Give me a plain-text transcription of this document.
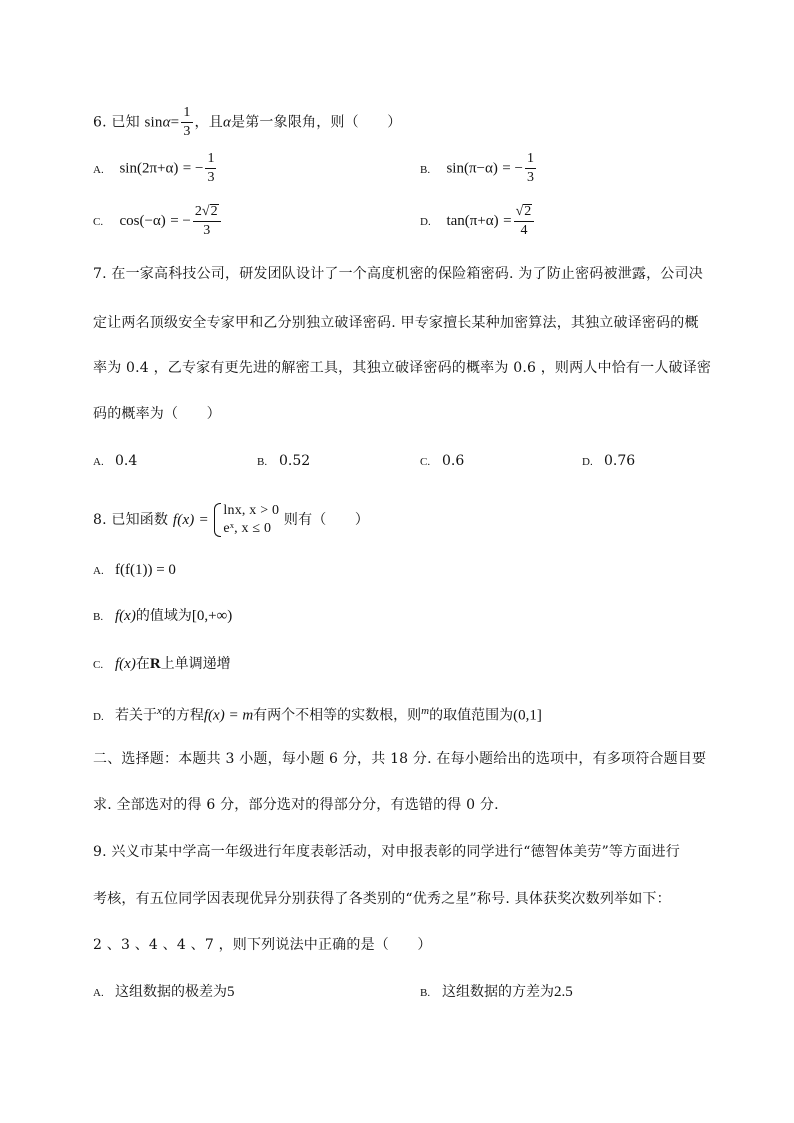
6. 已知 $\sin\alpha= \frac{1}{3}$ ，且α是第一象限角，则（　　）
A. sin(2π+α) = − $\frac{1}{3}$	B. sin(π−α) = − $\frac{1}{3}$
C. cos(−α) = − $\frac{2√2}{3}$	D. $\tan(\pi+\alpha) = \frac{√2}{4}$
7. 在一家高科技公司，研发团队设计了一个高度机密的保险箱密码. 为了防止密码被泄露，公司决
定让两名顶级安全专家甲和乙分别独立破译密码. 甲专家擅长某种加密算法，其独立破译密码的概
率为 0.4 ，乙专家有更先进的解密工具，其独立破译密码的概率为 0.6 ，则两人中恰有一人破译密
码的概率为（　　）
A. 0.4	B. 0.52	C. 0.6	D. 0.76
8. 已知函数 f(x) =
lnx, x > 0
eˣ, x ≤ 0
则有（　　）
A. f(f(1)) = 0
B. f(x)的值域为[0,+∞)
C. f(x)在R上单调递增
D. 若关于$^x$的方程f(x) = m有两个不相等的实数根，则$^m$的取值范围为(0,1]
二、选择题：本题共 3 小题，每小题 6 分，共 18 分. 在每小题给出的选项中，有多项符合题目要
求. 全部选对的得 6 分，部分选对的得部分分，有选错的得 0 分.
9. 兴义市某中学高一年级进行年度表彰活动，对申报表彰的同学进行“德智体美劳”等方面进行
考核，有五位同学因表现优异分别获得了各类别的“优秀之星”称号. 具体获奖次数列举如下：
2 、3 、4 、4 、7 ，则下列说法中正确的是（　　）
A. 这组数据的极差为5	B. 这组数据的方差为2.5
